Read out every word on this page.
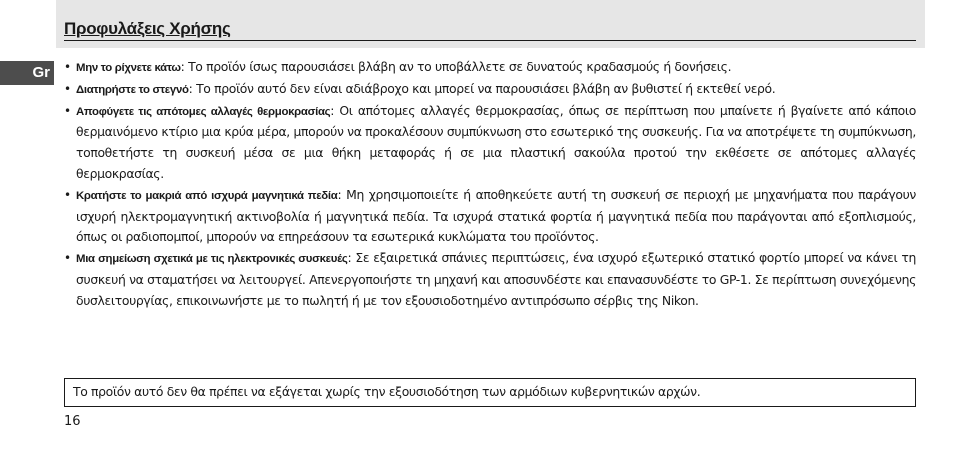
Προφυλάξεις Χρήσης
Gr	• Μην το ρίχνετε κάτω: Το προϊόν ίσως παρουσιάσει βλάβη αν το υποβάλλετε σε δυνατούς κραδασμούς ή δονήσεις.
• Διατηρήστε το στεγνό: Το προϊόν αυτό δεν είναι αδιάβροχο και μπορεί να παρουσιάσει βλάβη αν βυθιστεί ή εκτεθεί νερό.
• Αποφύγετε τις απότομες αλλαγές θερμοκρασίας: Οι απότομες αλλαγές θερμοκρασίας, όπως σε περίπτωση που μπαίνετε ή βγαίνετε από κάποιο θερμαινόμενο κτίριο μια κρύα μέρα, μπορούν να προκαλέσουν συμπύκνωση στο εσωτερικό της συσκευής. Για να αποτρέψετε τη συμπύκνωση, τοποθετήστε τη συσκευή μέσα σε μια θήκη μεταφοράς ή σε μια πλαστική σακούλα προτού την εκθέσετε σε απότομες αλλαγές θερμοκρασίας.
• Κρατήστε το μακριά από ισχυρά μαγνητικά πεδία: Μη χρησιμοποιείτε ή αποθηκεύετε αυτή τη συσκευή σε περιοχή με μηχανήματα που παράγουν ισχυρή ηλεκτρομαγνητική ακτινοβολία ή μαγνητικά πεδία. Τα ισχυρά στατικά φορτία ή μαγνητικά πεδία που παράγονται από εξοπλισμούς, όπως οι ραδιοπομποί, μπορούν να επηρεάσουν τα εσωτερικά κυκλώματα του προϊόντος.
• Μια σημείωση σχετικά με τις ηλεκτρονικές συσκευές: Σε εξαιρετικά σπάνιες περιπτώσεις, ένα ισχυρό εξωτερικό στατικό φορτίο μπορεί να κάνει τη συσκευή να σταματήσει να λειτουργεί. Απενεργοποιήστε τη μηχανή και αποσυνδέστε και επανασυνδέστε το GP-1. Σε περίπτωση συνεχόμενης δυσλειτουργίας, επικοινωνήστε με το πωλητή ή με τον εξουσιοδοτημένο αντιπρόσωπο σέρβις της Nikon.
Το προϊόν αυτό δεν θα πρέπει να εξάγεται χωρίς την εξουσιοδότηση των αρμόδιων κυβερνητικών αρχών.
16
